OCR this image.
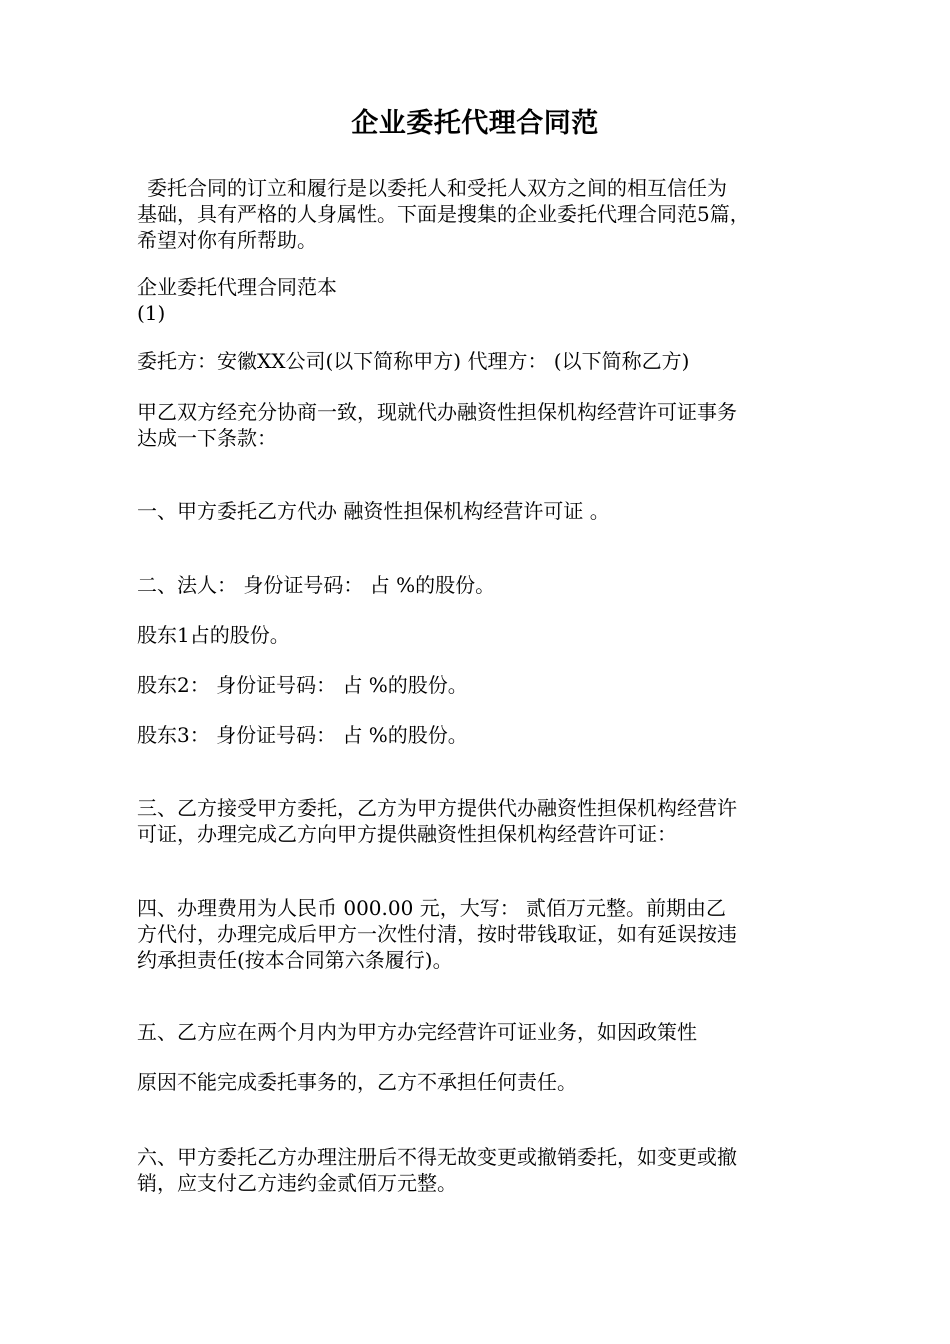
企业委托代理合同范
委托合同的订立和履行是以委托人和受托人双方之间的相互信任为
基础，具有严格的人身属性。下面是搜集的企业委托代理合同范5篇，
希望对你有所帮助。
企业委托代理合同范本
(1)
委托方：安徽XX公司(以下简称甲方) 代理方： (以下简称乙方)
甲乙双方经充分协商一致，现就代办融资性担保机构经营许可证事务
达成一下条款：
一、甲方委托乙方代办 融资性担保机构经营许可证 。
二、法人： 身份证号码： 占 %的股份。
股东1占的股份。
股东2： 身份证号码： 占 %的股份。
股东3： 身份证号码： 占 %的股份。
三、乙方接受甲方委托，乙方为甲方提供代办融资性担保机构经营许
可证，办理完成乙方向甲方提供融资性担保机构经营许可证：
四、办理费用为人民币 000.00 元，大写： 贰佰万元整。前期由乙
方代付，办理完成后甲方一次性付清，按时带钱取证，如有延误按违
约承担责任(按本合同第六条履行)。
五、乙方应在两个月内为甲方办完经营许可证业务，如因政策性
原因不能完成委托事务的，乙方不承担任何责任。
六、甲方委托乙方办理注册后不得无故变更或撤销委托，如变更或撤
销，应支付乙方违约金贰佰万元整。
